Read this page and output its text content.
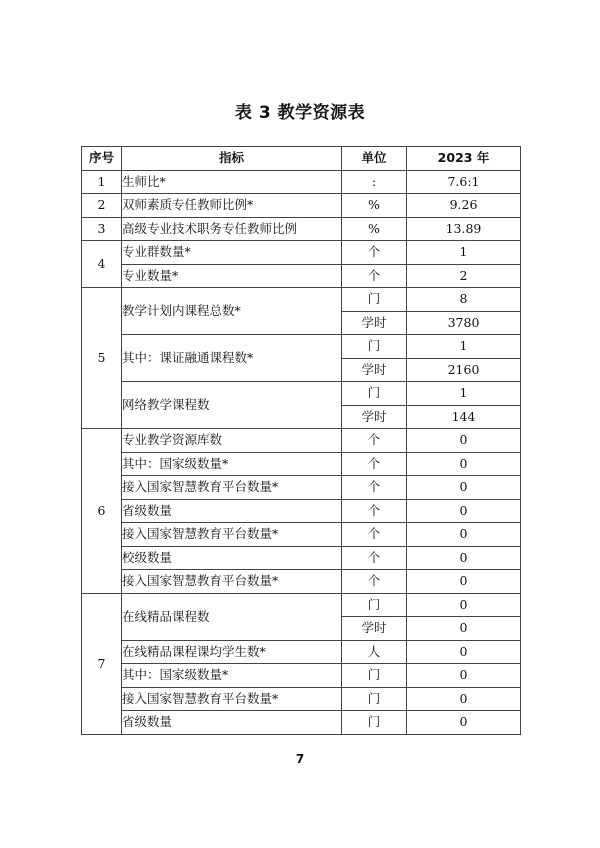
表 3 教学资源表
序号	指标	单位	2023 年
1	生师比*	:	7.6:1
2	双师素质专任教师比例*	%	9.26
3	高级专业技术职务专任教师比例	%	13.89
4	专业群数量*	个	1
	专业数量*	个	2
5	教学计划内课程总数*	门	8
		学时	3780
	其中：课证融通课程数*	门	1
		学时	2160
	网络教学课程数	门	1
		学时	144
6	专业教学资源库数	个	0
	其中：国家级数量*	个	0
	接入国家智慧教育平台数量*	个	0
	省级数量	个	0
	接入国家智慧教育平台数量*	个	0
	校级数量	个	0
	接入国家智慧教育平台数量*	个	0
7	在线精品课程数	门	0
		学时	0
	在线精品课程课均学生数*	人	0
	其中：国家级数量*	门	0
	接入国家智慧教育平台数量*	门	0
	省级数量	门	0
7
